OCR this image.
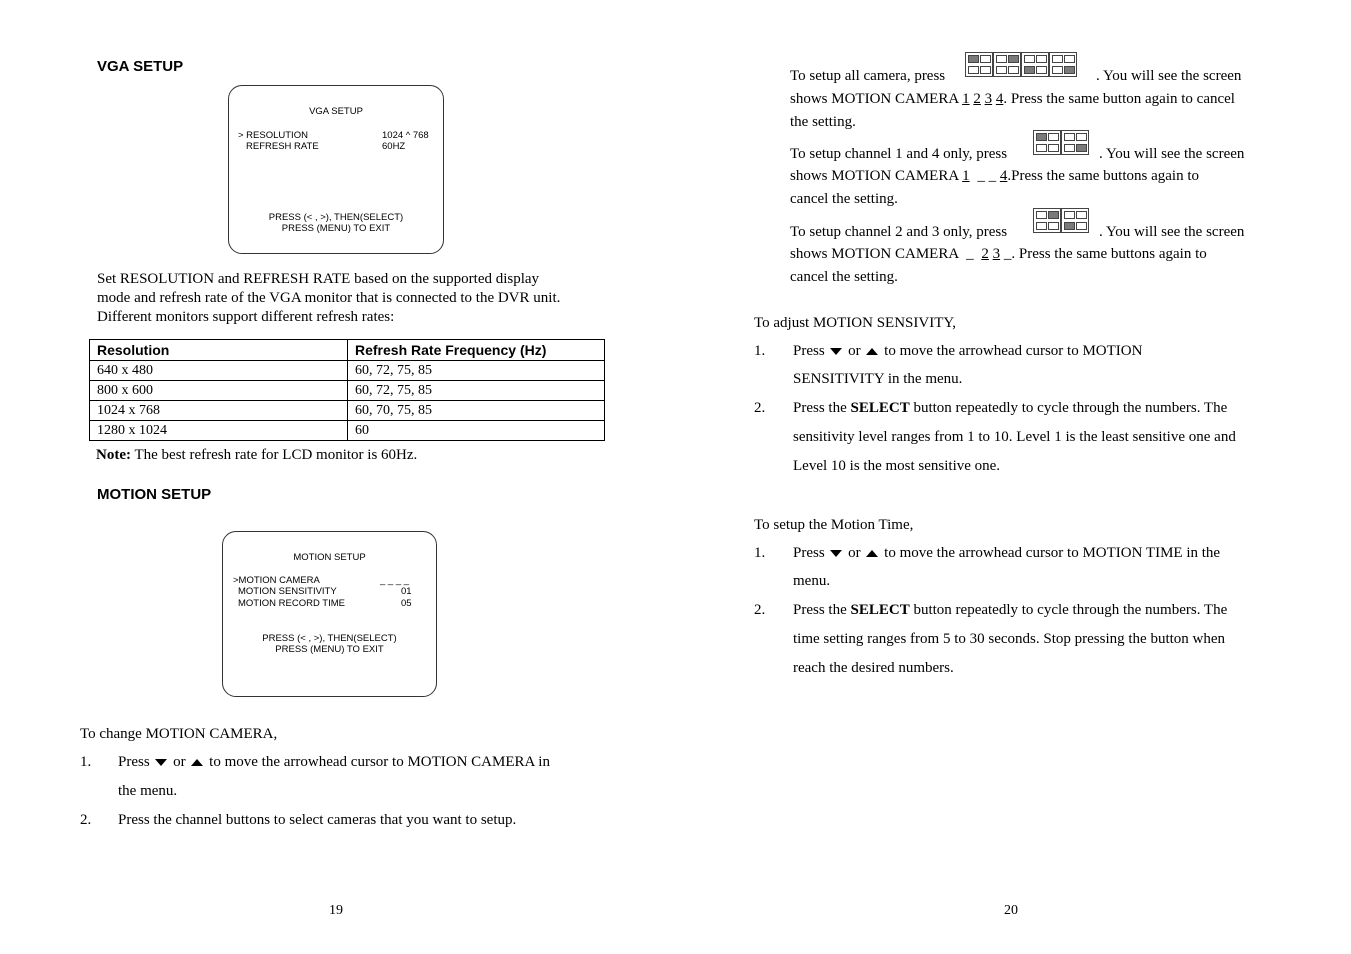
VGA SETUP
VGA SETUP
> RESOLUTION	1024 ^ 768
REFRESH RATE	60HZ
PRESS (< , >), THEN(SELECT)
PRESS (MENU) TO EXIT
Set RESOLUTION and REFRESH RATE based on the supported display
mode and refresh rate of the VGA monitor that is connected to the DVR unit.
Different monitors support different refresh rates:
Resolution	Refresh Rate Frequency (Hz)
640 x 480	60, 72, 75, 85
800 x 600	60, 72, 75, 85
1024 x 768	60, 70, 75, 85
1280 x 1024	60
Note: The best refresh rate for LCD monitor is 60Hz.
MOTION SETUP
MOTION SETUP
>MOTION CAMERA	_ _ _ _
MOTION SENSITIVITY	01
MOTION RECORD TIME	05
PRESS (< , >), THEN(SELECT)
PRESS (MENU) TO EXIT
To change MOTION CAMERA,
1. Press or to move the arrowhead cursor to MOTION CAMERA in
the menu.
2. Press the channel buttons to select cameras that you want to setup.
19
To setup all camera, press	. You will see the screen
shows MOTION CAMERA 1 2 3 4. Press the same button again to cancel
the setting.
To setup channel 1 and 4 only, press	. You will see the screen
shows MOTION CAMERA 1 _ _ 4.Press the same buttons again to
cancel the setting.
To setup channel 2 and 3 only, press	. You will see the screen
shows MOTION CAMERA _ 2 3 _. Press the same buttons again to
cancel the setting.
To adjust MOTION SENSIVITY,
1. Press or to move the arrowhead cursor to MOTION
SENSITIVITY in the menu.
2. Press the SELECT button repeatedly to cycle through the numbers. The
sensitivity level ranges from 1 to 10. Level 1 is the least sensitive one and
Level 10 is the most sensitive one.
To setup the Motion Time,
1. Press or to move the arrowhead cursor to MOTION TIME in the
menu.
2. Press the SELECT button repeatedly to cycle through the numbers. The
time setting ranges from 5 to 30 seconds. Stop pressing the button when
reach the desired numbers.
20
